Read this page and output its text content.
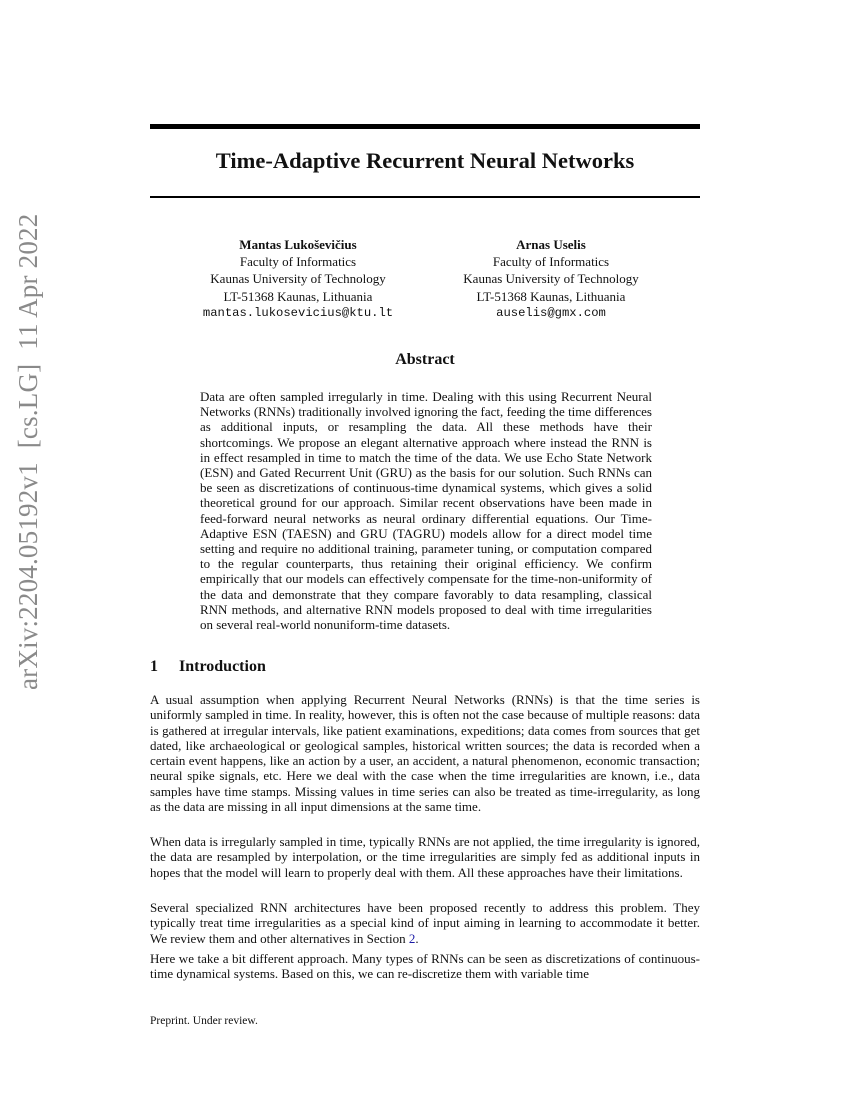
arXiv:2204.05192v1  [cs.LG]  11 Apr 2022
Time-Adaptive Recurrent Neural Networks
Mantas Lukoševičius
Faculty of Informatics
Kaunas University of Technology
LT-51368 Kaunas, Lithuania
mantas.lukosevicius@ktu.lt
Arnas Uselis
Faculty of Informatics
Kaunas University of Technology
LT-51368 Kaunas, Lithuania
auselis@gmx.com
Abstract
Data are often sampled irregularly in time. Dealing with this using Recurrent Neural Networks (RNNs) traditionally involved ignoring the fact, feeding the time differences as additional inputs, or resampling the data. All these methods have their shortcomings. We propose an elegant alternative approach where instead the RNN is in effect resampled in time to match the time of the data. We use Echo State Network (ESN) and Gated Recurrent Unit (GRU) as the basis for our solution. Such RNNs can be seen as discretizations of continuous-time dynamical systems, which gives a solid theoretical ground for our approach. Similar recent observations have been made in feed-forward neural networks as neural ordinary differential equations. Our Time-Adaptive ESN (TAESN) and GRU (TAGRU) models allow for a direct model time setting and require no additional training, parameter tuning, or computation compared to the regular counterparts, thus retaining their original efficiency. We confirm empirically that our models can effectively compensate for the time-non-uniformity of the data and demonstrate that they compare favorably to data resampling, classical RNN methods, and alternative RNN models proposed to deal with time irregularities on several real-world nonuniform-time datasets.
1 Introduction
A usual assumption when applying Recurrent Neural Networks (RNNs) is that the time series is uniformly sampled in time. In reality, however, this is often not the case because of multiple reasons: data is gathered at irregular intervals, like patient examinations, expeditions; data comes from sources that get dated, like archaeological or geological samples, historical written sources; the data is recorded when a certain event happens, like an action by a user, an accident, a natural phenomenon, economic transaction; neural spike signals, etc. Here we deal with the case when the time irregularities are known, i.e., data samples have time stamps. Missing values in time series can also be treated as time-irregularity, as long as the data are missing in all input dimensions at the same time.
When data is irregularly sampled in time, typically RNNs are not applied, the time irregularity is ignored, the data are resampled by interpolation, or the time irregularities are simply fed as additional inputs in hopes that the model will learn to properly deal with them. All these approaches have their limitations.
Several specialized RNN architectures have been proposed recently to address this problem. They typically treat time irregularities as a special kind of input aiming in learning to accommodate it better. We review them and other alternatives in Section 2.
Here we take a bit different approach. Many types of RNNs can be seen as discretizations of continuous-time dynamical systems. Based on this, we can re-discretize them with variable time
Preprint. Under review.
